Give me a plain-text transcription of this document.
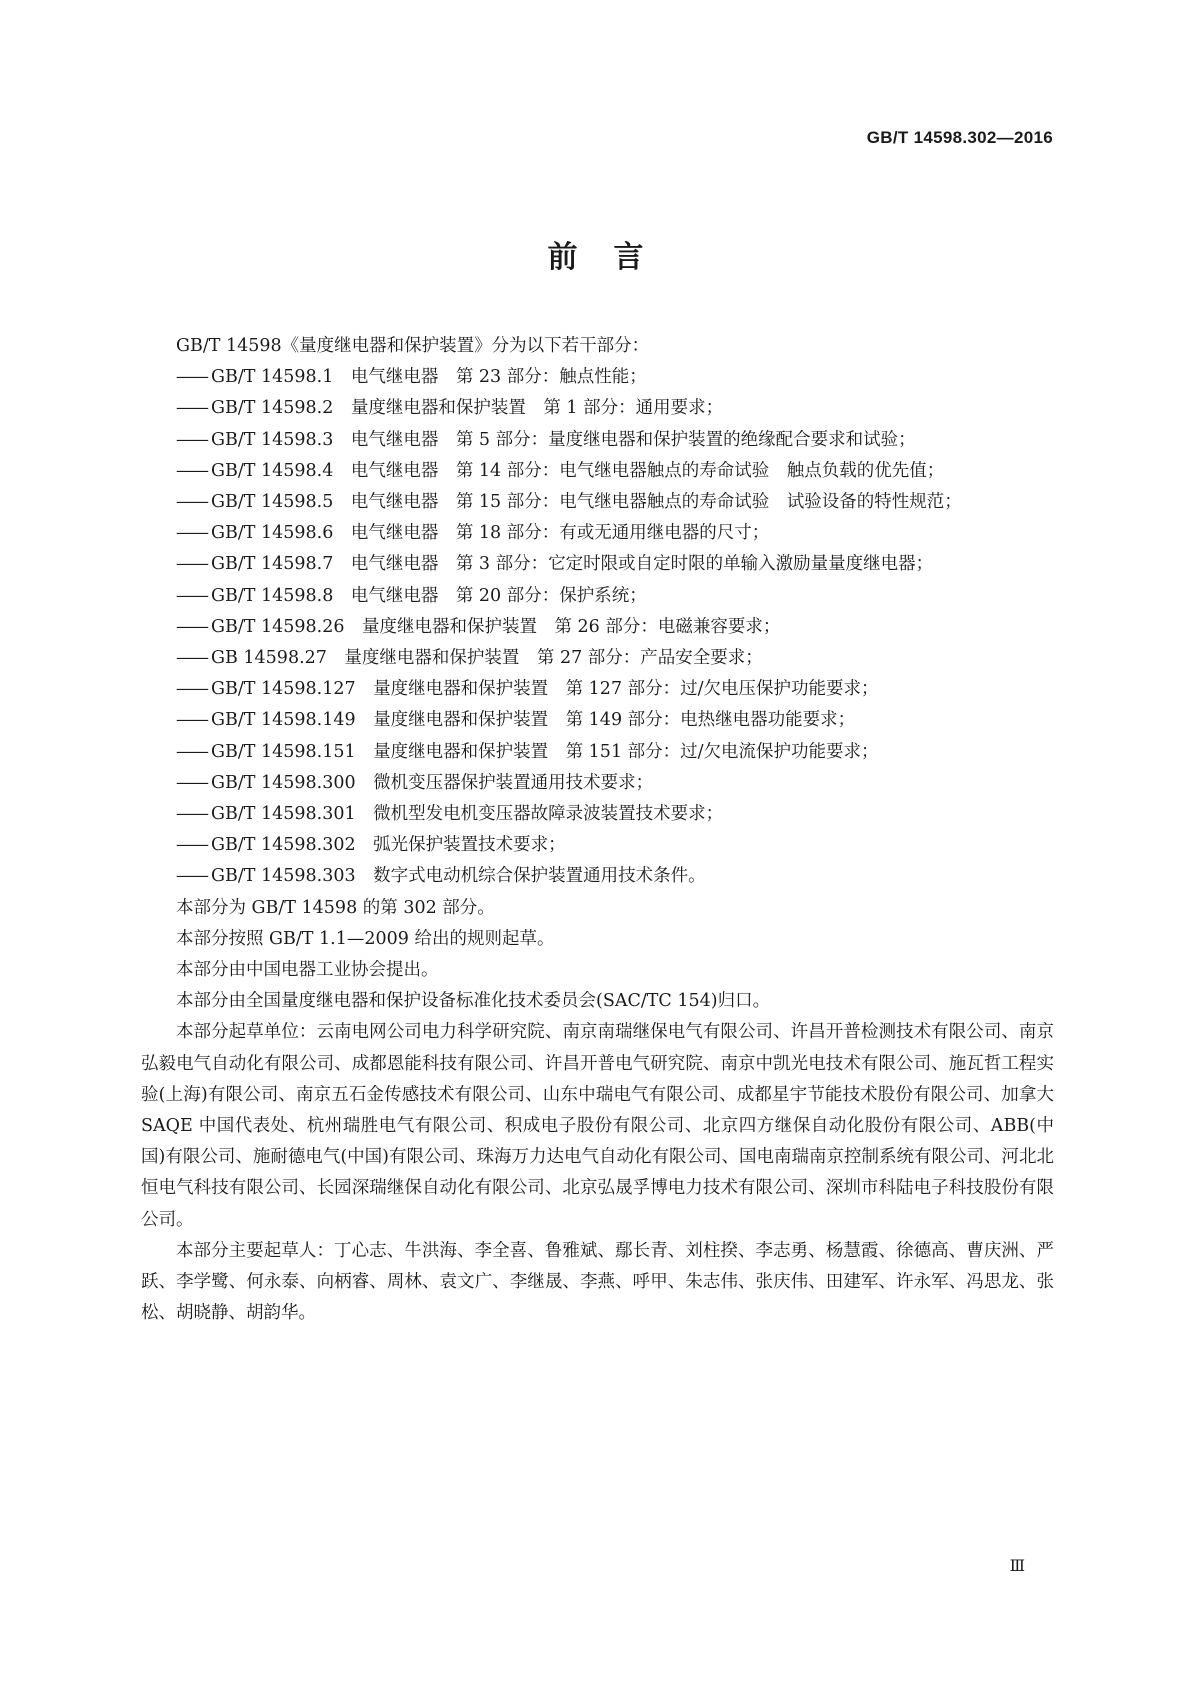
GB/T 14598.302—2016
前言

GB/T 14598《量度继电器和保护装置》分为以下若干部分：

—— GB/T 14598.1 电气继电器　第 23 部分：触点性能；

—— GB/T 14598.2 量度继电器和保护装置　第 1 部分：通用要求；

—— GB/T 14598.3 电气继电器　第 5 部分：量度继电器和保护装置的绝缘配合要求和试验；

—— GB/T 14598.4 电气继电器　第 14 部分：电气继电器触点的寿命试验　触点负载的优先值；

—— GB/T 14598.5 电气继电器　第 15 部分：电气继电器触点的寿命试验　试验设备的特性规范；

—— GB/T 14598.6 电气继电器　第 18 部分：有或无通用继电器的尺寸；

—— GB/T 14598.7 电气继电器　第 3 部分：它定时限或自定时限的单输入激励量量度继电器；

—— GB/T 14598.8 电气继电器　第 20 部分：保护系统；

—— GB/T 14598.26 量度继电器和保护装置　第 26 部分：电磁兼容要求；

—— GB 14598.27 量度继电器和保护装置　第 27 部分：产品安全要求；

—— GB/T 14598.127 量度继电器和保护装置　第 127 部分：过/欠电压保护功能要求；

—— GB/T 14598.149 量度继电器和保护装置　第 149 部分：电热继电器功能要求；

—— GB/T 14598.151 量度继电器和保护装置　第 151 部分：过/欠电流保护功能要求；

—— GB/T 14598.300 微机变压器保护装置通用技术要求；

—— GB/T 14598.301 微机型发电机变压器故障录波装置技术要求；

—— GB/T 14598.302 弧光保护装置技术要求；

—— GB/T 14598.303 数字式电动机综合保护装置通用技术条件。

本部分为 GB/T 14598 的第 302 部分。

本部分按照 GB/T 1.1—2009 给出的规则起草。

本部分由中国电器工业协会提出。

本部分由全国量度继电器和保护设备标准化技术委员会(SAC/TC 154)归口。

本部分起草单位：云南电网公司电力科学研究院、南京南瑞继保电气有限公司、许昌开普检测技术有限公司、南京弘毅电气自动化有限公司、成都恩能科技有限公司、许昌开普电气研究院、南京中凯光电技术有限公司、施瓦哲工程实验(上海)有限公司、南京五石金传感技术有限公司、山东中瑞电气有限公司、成都星宇节能技术股份有限公司、加拿大 SAQE 中国代表处、杭州瑞胜电气有限公司、积成电子股份有限公司、北京四方继保自动化股份有限公司、ABB(中国)有限公司、施耐德电气(中国)有限公司、珠海万力达电气自动化有限公司、国电南瑞南京控制系统有限公司、河北北恒电气科技有限公司、长园深瑞继保自动化有限公司、北京弘晟孚博电力技术有限公司、深圳市科陆电子科技股份有限公司。

本部分主要起草人：丁心志、牛洪海、李全喜、鲁雅斌、鄢长青、刘柱揆、李志勇、杨慧霞、徐德高、曹庆洲、严跃、李学鹭、何永泰、向柄睿、周林、袁文广、李继晟、李燕、呼甲、朱志伟、张庆伟、田建军、许永军、冯思龙、张松、胡晓静、胡韵华。

Ⅲ
